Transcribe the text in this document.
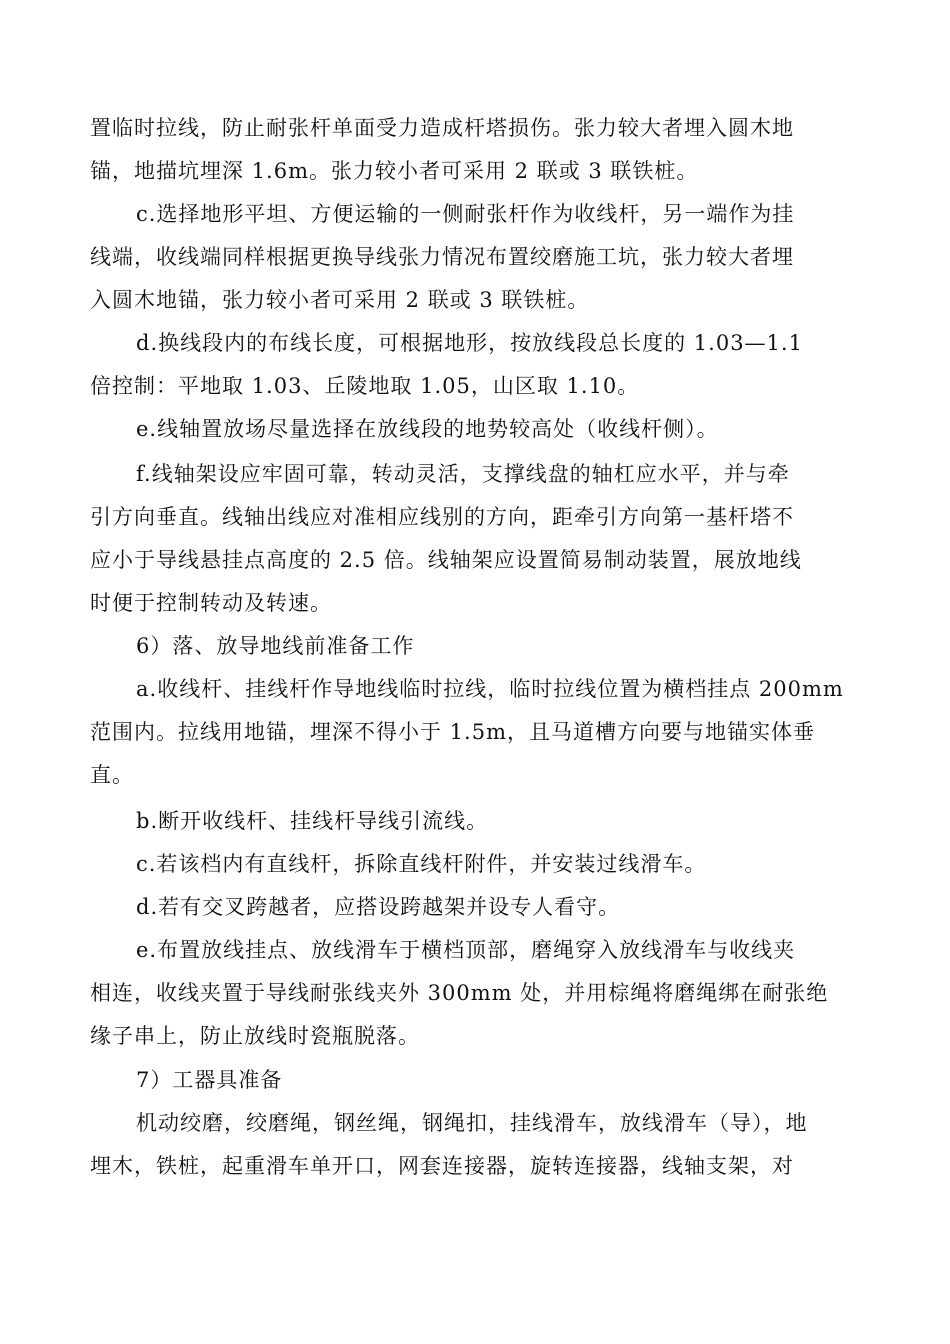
置临时拉线，防止耐张杆单面受力造成杆塔损伤。张力较大者埋入圆木地
锚，地描坑埋深 1.6m。张力较小者可采用 2 联或 3 联铁桩。
c.选择地形平坦、方便运输的一侧耐张杆作为收线杆，另一端作为挂
线端，收线端同样根据更换导线张力情况布置绞磨施工坑，张力较大者埋
入圆木地锚，张力较小者可采用 2 联或 3 联铁桩。
d.换线段内的布线长度，可根据地形，按放线段总长度的 1.03—1.1
倍控制：平地取 1.03、丘陵地取 1.05，山区取 1.10。
e.线轴置放场尽量选择在放线段的地势较高处（收线杆侧）。
f.线轴架设应牢固可靠，转动灵活，支撑线盘的轴杠应水平，并与牵
引方向垂直。线轴出线应对准相应线别的方向，距牵引方向第一基杆塔不
应小于导线悬挂点高度的 2.5 倍。线轴架应设置简易制动装置，展放地线
时便于控制转动及转速。
6）落、放导地线前准备工作
a.收线杆、挂线杆作导地线临时拉线，临时拉线位置为横档挂点 200mm
范围内。拉线用地锚，埋深不得小于 1.5m，且马道槽方向要与地锚实体垂
直。
b.断开收线杆、挂线杆导线引流线。
c.若该档内有直线杆，拆除直线杆附件，并安装过线滑车。
d.若有交叉跨越者，应搭设跨越架并设专人看守。
e.布置放线挂点、放线滑车于横档顶部，磨绳穿入放线滑车与收线夹
相连，收线夹置于导线耐张线夹外 300mm 处，并用棕绳将磨绳绑在耐张绝
缘子串上，防止放线时瓷瓶脱落。
7）工器具准备
机动绞磨，绞磨绳，钢丝绳，钢绳扣，挂线滑车，放线滑车（导），地
埋木，铁桩，起重滑车单开口，网套连接器，旋转连接器，线轴支架，对
